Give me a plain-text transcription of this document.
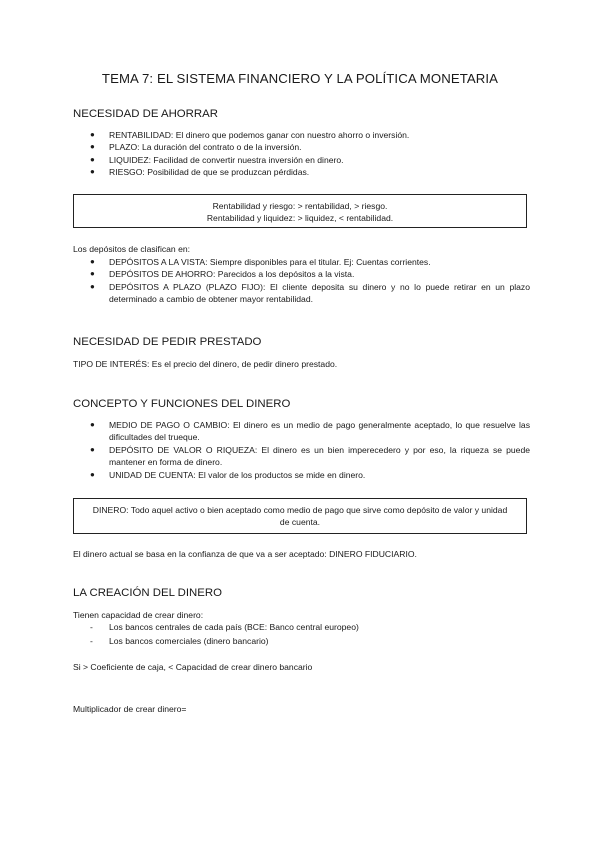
TEMA 7: EL SISTEMA FINANCIERO Y LA POLÍTICA MONETARIA
NECESIDAD DE AHORRAR
● RENTABILIDAD: El dinero que podemos ganar con nuestro ahorro o inversión.
● PLAZO: La duración del contrato o de la inversión.
● LIQUIDEZ: Facilidad de convertir nuestra inversión en dinero.
● RIESGO: Posibilidad de que se produzcan pérdidas.
Rentabilidad y riesgo: > rentabilidad, > riesgo.
Rentabilidad y liquidez: > liquidez, < rentabilidad.
Los depósitos de clasifican en:
● DEPÓSITOS A LA VISTA: Siempre disponibles para el titular. Ej: Cuentas corrientes.
● DEPÓSITOS DE AHORRO: Parecidos a los depósitos a la vista.
● DEPÓSITOS A PLAZO (PLAZO FIJO): El cliente deposita su dinero y no lo puede retirar en un plazo determinado a cambio de obtener mayor rentabilidad.
NECESIDAD DE PEDIR PRESTADO
TIPO DE INTERÉS: Es el precio del dinero, de pedir dinero prestado.
CONCEPTO Y FUNCIONES DEL DINERO
● MEDIO DE PAGO O CAMBIO: El dinero es un medio de pago generalmente aceptado, lo que resuelve las dificultades del trueque.
● DEPÓSITO DE VALOR O RIQUEZA: El dinero es un bien imperecedero y por eso, la riqueza se puede mantener en forma de dinero.
● UNIDAD DE CUENTA: El valor de los productos se mide en dinero.
DINERO: Todo aquel activo o bien aceptado como medio de pago que sirve como depósito de valor y unidad de cuenta.
El dinero actual se basa en la confianza de que va a ser aceptado: DINERO FIDUCIARIO.
LA CREACIÓN DEL DINERO
Tienen capacidad de crear dinero:
- Los bancos centrales de cada país (BCE: Banco central europeo)
- Los bancos comerciales (dinero bancario)
Si > Coeficiente de caja, < Capacidad de crear dinero bancario
Multiplicador de crear dinero=
